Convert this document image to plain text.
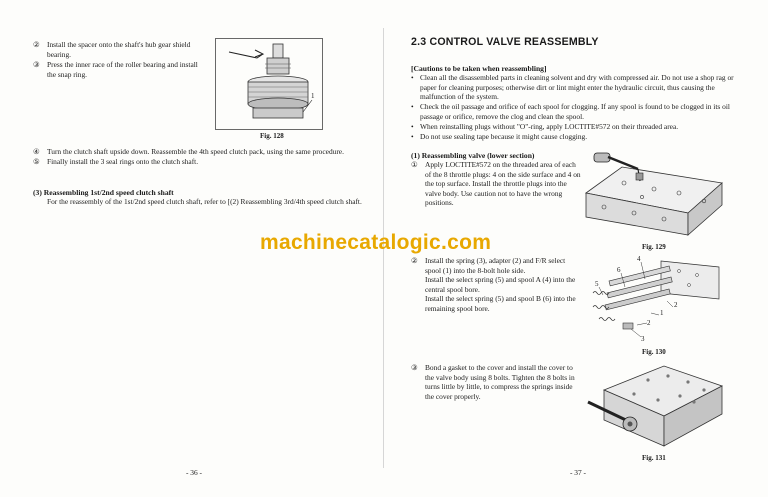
② Install the spacer onto the shaft's hub gear shield bearing.
③ Press the inner race of the roller bearing and install the snap ring.
1
Fig. 128
④ Turn the clutch shaft upside down. Reassemble the 4th speed clutch pack, using the same procedure.
⑤ Finally install the 3 seal rings onto the clutch shaft.
(3) Reassembling 1st/2nd speed clutch shaft
For the reassembly of the 1st/2nd speed clutch shaft, refer to [(2) Reassembling 3rd/4th speed clutch shaft.
- 36 -
2.3 CONTROL VALVE REASSEMBLY
[Cautions to be taken when reassembling]
• Clean all the disassembled parts in cleaning solvent and dry with compressed air. Do not use a shop rag or paper for cleaning purposes; otherwise dirt or lint might enter the hydraulic circuit, thus causing the malfunction of the system.
• Check the oil passage and orifice of each spool for clogging. If any spool is found to be clogged in its oil passage or orifice, remove the clog and clean the spool.
• When reinstalling plugs without "O"-ring, apply LOCTITE#572 on their threaded area.
• Do not use sealing tape because it might cause clogging.
(1) Reassembling valve (lower section)
① Apply LOCTITE#572 on the threaded area of each of the 8 throttle plugs: 4 on the side surface and 4 on the top surface. Install the throttle plugs into the valve body. Use caution not to have the wrong positions.
Fig. 129
② Install the spring (3), adapter (2) and F/R select spool (1) into the 8-bolt hole side.
Install the select spring (5) and spool A (4) into the central spool bore.
Install the select spring (5) and spool B (6) into the remaining spool bore.
4
6
5
2
1
3
2
Fig. 130
③ Bond a gasket to the cover and install the cover to the valve body using 8 bolts. Tighten the 8 bolts in turns little by little, to compress the springs inside the cover properly.
Fig. 131
- 37 -
machinecatalogic.com
